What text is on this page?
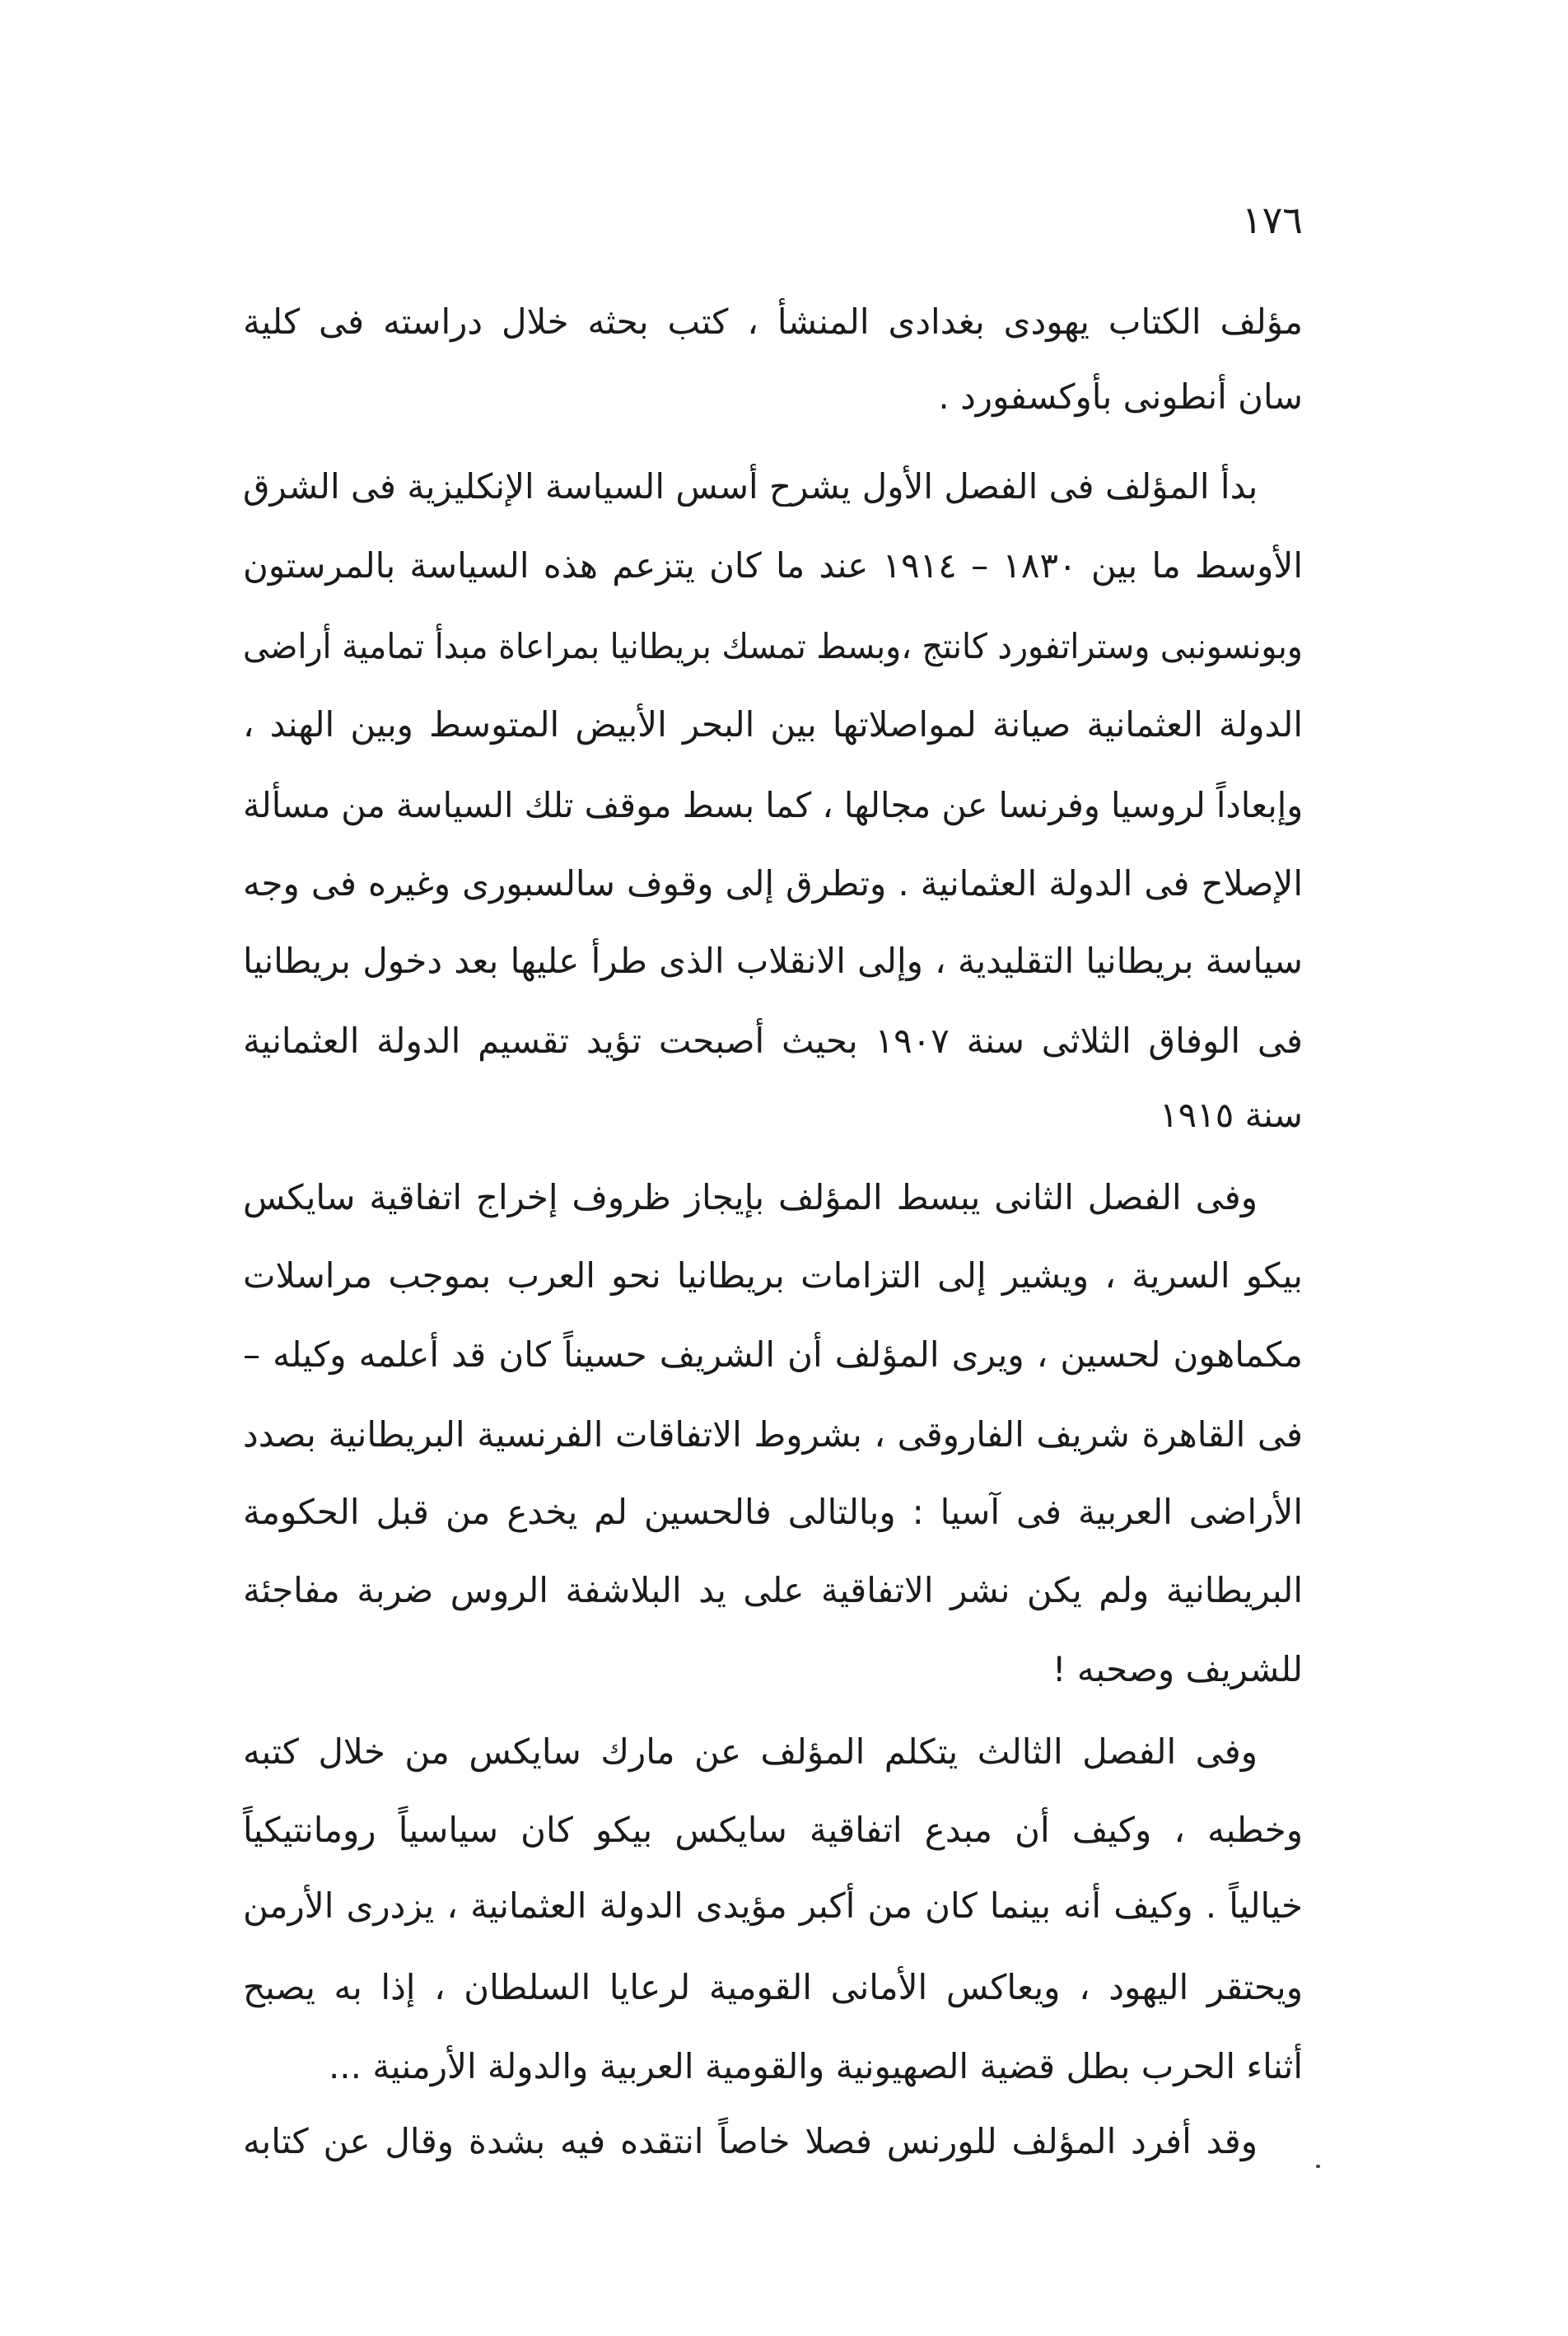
١٧٦
مؤلف الكتاب يهودى بغدادى المنشأ ، كتب بحثه خلال دراسته فى كلية
سان أنطونى بأوكسفورد .
بدأ المؤلف فى الفصل الأول يشرح أسس السياسة الإنكليزية فى الشرق
الأوسط ما بين ١٨٣٠ – ١٩١٤ عند ما كان يتزعم هذه السياسة بالمرستون
وبونسونبى وستراتفورد كانتج ،وبسط تمسك بريطانيا بمراعاة مبدأ تمامية أراضى
الدولة العثمانية صيانة لمواصلاتها بين البحر الأبيض المتوسط وبين الهند ،
وإبعاداً لروسيا وفرنسا عن مجالها ، كما بسط موقف تلك السياسة من مسألة
الإصلاح فى الدولة العثمانية . وتطرق إلى وقوف سالسبورى وغيره فى وجه
سياسة بريطانيا التقليدية ، وإلى الانقلاب الذى طرأ عليها بعد دخول بريطانيا
فى الوفاق الثلاثى سنة ١٩٠٧ بحيث أصبحت تؤيد تقسيم الدولة العثمانية
سنة ١٩١٥
وفى الفصل الثانى يبسط المؤلف بإيجاز ظروف إخراج اتفاقية سايكس
بيكو السرية ، ويشير إلى التزامات بريطانيا نحو العرب بموجب مراسلات
مكماهون لحسين ، ويرى المؤلف أن الشريف حسيناً كان قد أعلمه وكيله –
فى القاهرة شريف الفاروقى ، بشروط الاتفاقات الفرنسية البريطانية بصدد
الأراضى العربية فى آسيا : وبالتالى فالحسين لم يخدع من قبل الحكومة
البريطانية ولم يكن نشر الاتفاقية على يد البلاشفة الروس ضربة مفاجئة
للشريف وصحبه !
وفى الفصل الثالث يتكلم المؤلف عن مارك سايكس من خلال كتبه
وخطبه ، وكيف أن مبدع اتفاقية سايكس بيكو كان سياسياً رومانتيكياً
خيالياً . وكيف أنه بينما كان من أكبر مؤيدى الدولة العثمانية ، يزدرى الأرمن
ويحتقر اليهود ، ويعاكس الأمانى القومية لرعايا السلطان ، إذا به يصبح
أثناء الحرب بطل قضية الصهيونية والقومية العربية والدولة الأرمنية ...
وقد أفرد المؤلف للورنس فصلا خاصاً انتقده فيه بشدة وقال عن كتابه
